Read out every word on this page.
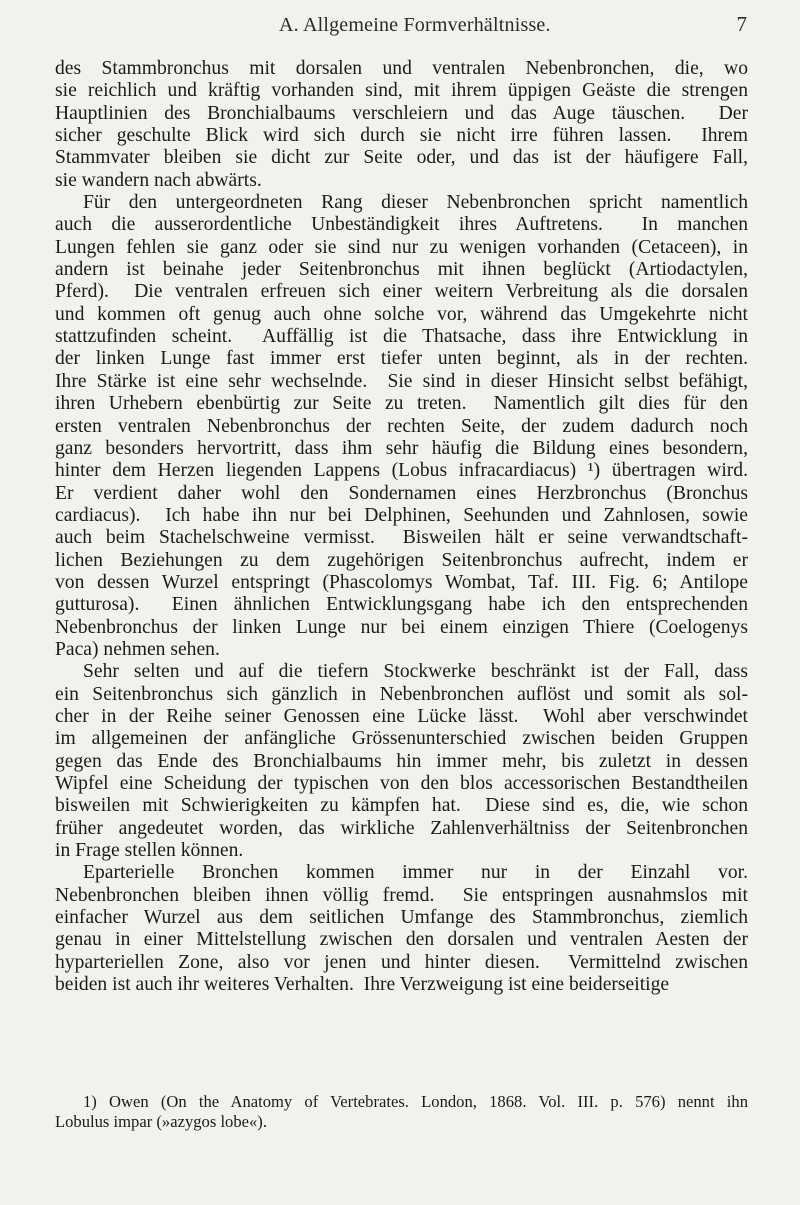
A. Allgemeine Formverhältnisse.	7
des Stammbronchus mit dorsalen und ventralen Nebenbronchen, die, wo
sie reichlich und kräftig vorhanden sind, mit ihrem üppigen Geäste die strengen
Hauptlinien des Bronchialbaums verschleiern und das Auge täuschen.  Der
sicher geschulte Blick wird sich durch sie nicht irre führen lassen.  Ihrem
Stammvater bleiben sie dicht zur Seite oder, und das ist der häufigere Fall,
sie wandern nach abwärts.
Für den untergeordneten Rang dieser Nebenbronchen spricht namentlich
auch die ausserordentliche Unbeständigkeit ihres Auftretens.  In manchen
Lungen fehlen sie ganz oder sie sind nur zu wenigen vorhanden (Cetaceen), in
andern ist beinahe jeder Seitenbronchus mit ihnen beglückt (Artiodactylen,
Pferd).  Die ventralen erfreuen sich einer weitern Verbreitung als die dorsalen
und kommen oft genug auch ohne solche vor, während das Umgekehrte nicht
stattzufinden scheint.  Auffällig ist die Thatsache, dass ihre Entwicklung in
der linken Lunge fast immer erst tiefer unten beginnt, als in der rechten.
Ihre Stärke ist eine sehr wechselnde.  Sie sind in dieser Hinsicht selbst befähigt,
ihren Urhebern ebenbürtig zur Seite zu treten.  Namentlich gilt dies für den
ersten ventralen Nebenbronchus der rechten Seite, der zudem dadurch noch
ganz besonders hervortritt, dass ihm sehr häufig die Bildung eines besondern,
hinter dem Herzen liegenden Lappens (Lobus infracardiacus) ¹) übertragen wird.
Er verdient daher wohl den Sondernamen eines Herzbronchus (Bronchus
cardiacus).  Ich habe ihn nur bei Delphinen, Seehunden und Zahnlosen, sowie
auch beim Stachelschweine vermisst.  Bisweilen hält er seine verwandtschaft-
lichen Beziehungen zu dem zugehörigen Seitenbronchus aufrecht, indem er
von dessen Wurzel entspringt (Phascolomys Wombat, Taf. III. Fig. 6; Antilope
gutturosa).  Einen ähnlichen Entwicklungsgang habe ich den entsprechenden
Nebenbronchus der linken Lunge nur bei einem einzigen Thiere (Coelogenys
Paca) nehmen sehen.
Sehr selten und auf die tiefern Stockwerke beschränkt ist der Fall, dass
ein Seitenbronchus sich gänzlich in Nebenbronchen auflöst und somit als sol-
cher in der Reihe seiner Genossen eine Lücke lässt.  Wohl aber verschwindet
im allgemeinen der anfängliche Grössenunterschied zwischen beiden Gruppen
gegen das Ende des Bronchialbaums hin immer mehr, bis zuletzt in dessen
Wipfel eine Scheidung der typischen von den blos accessorischen Bestandtheilen
bisweilen mit Schwierigkeiten zu kämpfen hat.  Diese sind es, die, wie schon
früher angedeutet worden, das wirkliche Zahlenverhältniss der Seitenbronchen
in Frage stellen können.
Eparterielle Bronchen kommen immer nur in der Einzahl vor.
Nebenbronchen bleiben ihnen völlig fremd.  Sie entspringen ausnahmslos mit
einfacher Wurzel aus dem seitlichen Umfange des Stammbronchus, ziemlich
genau in einer Mittelstellung zwischen den dorsalen und ventralen Aesten der
hyparteriellen Zone, also vor jenen und hinter diesen.  Vermittelnd zwischen
beiden ist auch ihr weiteres Verhalten.  Ihre Verzweigung ist eine beiderseitige
1) Owen (On the Anatomy of Vertebrates. London, 1868. Vol. III. p. 576) nennt ihn
Lobulus impar (»azygos lobe«).
